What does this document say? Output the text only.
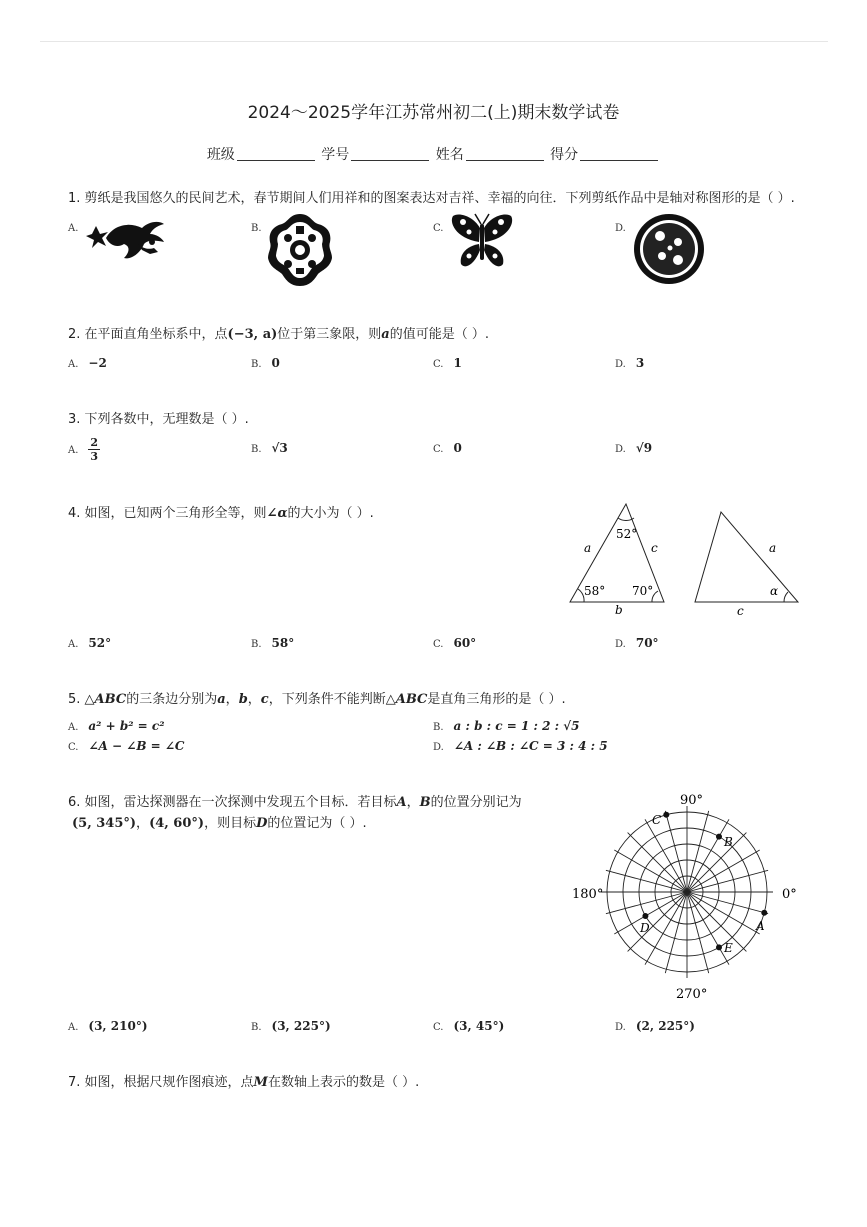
2024～2025学年江苏常州初二(上)期末数学试卷
班级	学号	姓名	得分
1. 剪纸是我国悠久的民间艺术，春节期间人们用祥和的图案表达对吉祥、幸福的向往．下列剪纸作品中是轴对称图形的是（ ）.
A.	B.	C.	D.
2. 在平面直角坐标系中，点(−3, a)位于第三象限，则a的值可能是（ ）.
A. −2	B. 0	C. 1	D. 3
3. 下列各数中，无理数是（ ）.
A. $\frac{2}{3}$	B. √3	C. 0	D. √9
4. 如图，已知两个三角形全等，则∠α的大小为（ ）.
52°
58° 70°
a	c
b
a
c
α
A. 52°	B. 58°	C. 60°	D. 70°
5. △ABC的三条边分别为a，b，c，下列条件不能判断△ABC是直角三角形的是（ ）.
A. a² + b² = c²	B. a : b : c = 1 : 2 : √5
C. ∠A − ∠B = ∠C	D. ∠A : ∠B : ∠C = 3 : 4 : 5
6. 如图，雷达探测器在一次探测中发现五个目标．若目标A，B的位置分别记为
(5, 345°)，(4, 60°)，则目标D的位置记为（ ）.
90°
180°	0°
270°
A
B
C
D
E
A. (3, 210°)	B. (3, 225°)	C. (3, 45°)	D. (2, 225°)
7. 如图，根据尺规作图痕迹，点M在数轴上表示的数是（ ）.
